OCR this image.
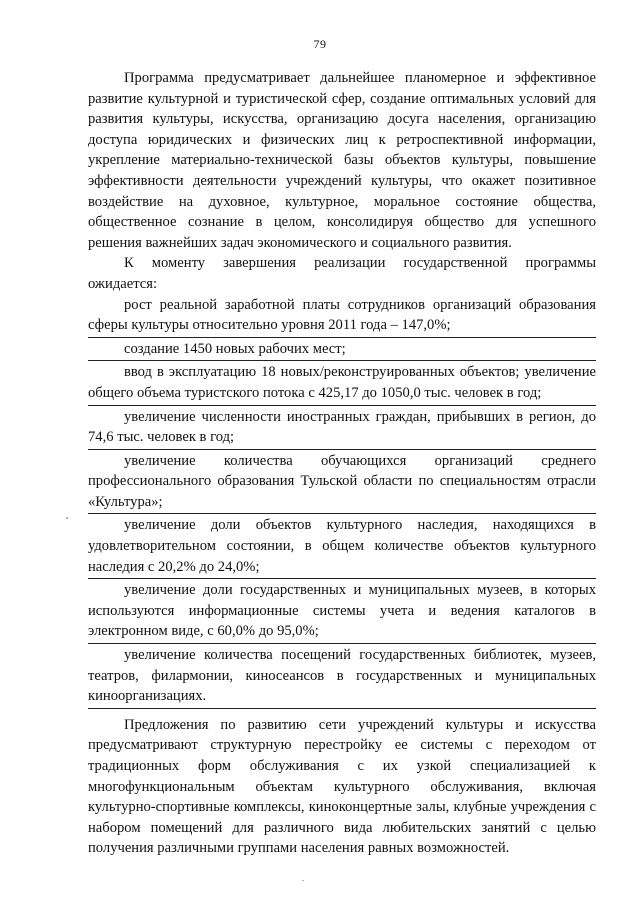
79

Программа предусматривает дальнейшее планомерное и эффективное развитие культурной и туристической сфер, создание оптимальных условий для развития культуры, искусства, организацию досуга населения, организацию доступа юридических и физических лиц к ретроспективной информации, укрепление материально-технической базы объектов культуры, повышение эффективности деятельности учреждений культуры, что окажет позитивное воздействие на духовное, культурное, моральное состояние общества, общественное сознание в целом, консолидируя общество для успешного решения важнейших задач экономического и социального развития.

К моменту завершения реализации государственной программы ожидается:

рост реальной заработной платы сотрудников организаций образования сферы культуры относительно уровня 2011 года – 147,0%;

создание 1450 новых рабочих мест;

ввод в эксплуатацию 18 новых/реконструированных объектов; увеличение общего объема туристского потока с 425,17 до 1050,0 тыс. человек в год;

увеличение численности иностранных граждан, прибывших в регион, до 74,6 тыс. человек в год;

увеличение количества обучающихся организаций среднего профессионального образования Тульской области по специальностям отрасли «Культура»;

увеличение доли объектов культурного наследия, находящихся в удовлетворительном состоянии, в общем количестве объектов культурного наследия с 20,2% до 24,0%;

увеличение доли государственных и муниципальных музеев, в которых используются информационные системы учета и ведения каталогов в электронном виде, с 60,0% до 95,0%;

увеличение количества посещений государственных библиотек, музеев, театров, филармонии, киносеансов в государственных и муниципальных киноорганизациях.

Предложения по развитию сети учреждений культуры и искусства предусматривают структурную перестройку ее системы с переходом от традиционных форм обслуживания с их узкой специализацией к многофункциональным объектам культурного обслуживания, включая культурно-спортивные комплексы, киноконцертные залы, клубные учреждения с набором помещений для различного вида любительских занятий с целью получения различными группами населения равных возможностей.
